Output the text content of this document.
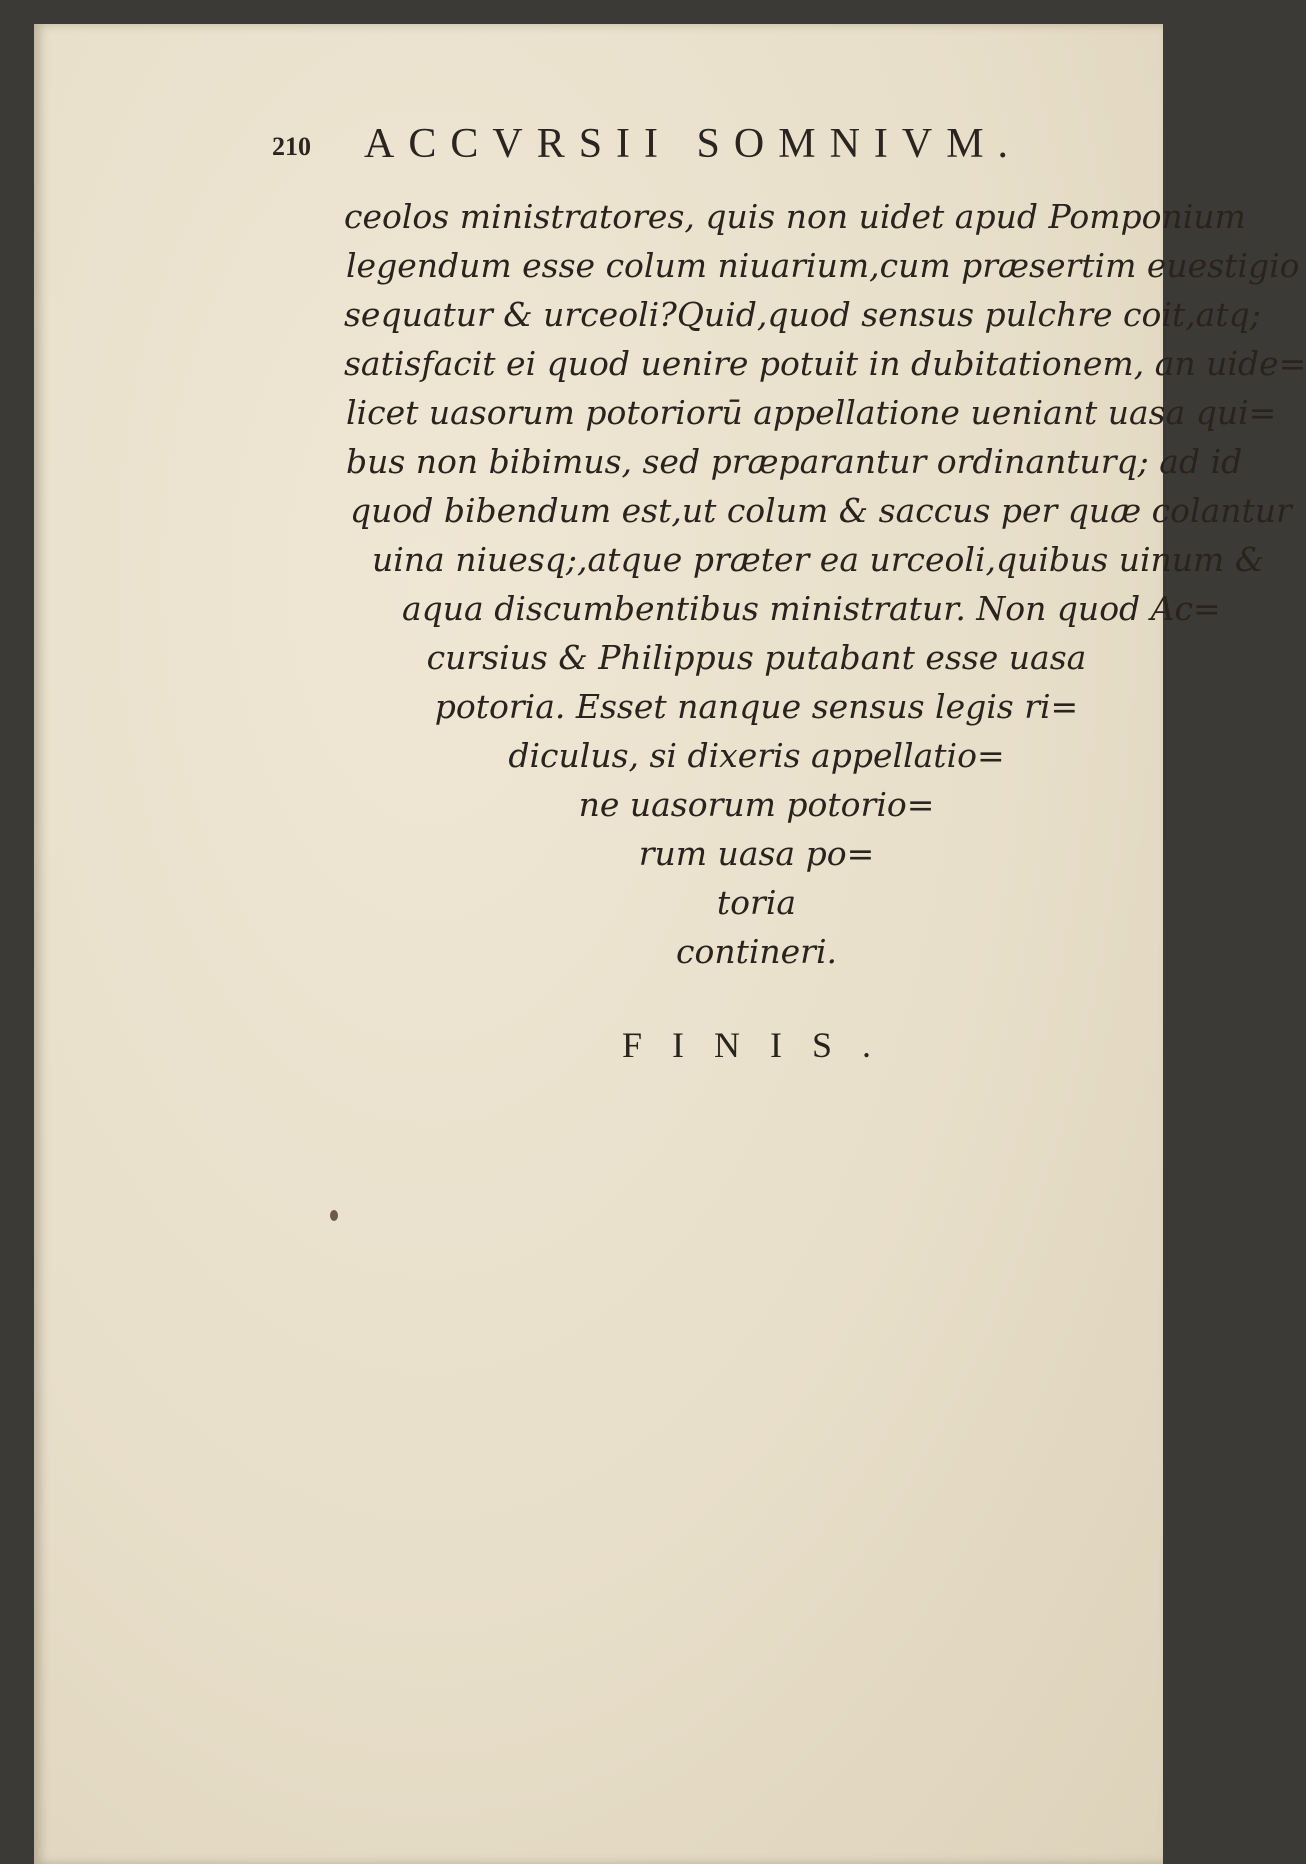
210 ACCVRSII SOMNIVM.
ceolos ministratores, quis non uidet apud Pomponium
legendum esse colum niuarium,cum præsertim euestigio
sequatur & urceoli?Quid,quod sensus pulchre coit,atq;
satisfacit ei quod uenire potuit in dubitationem, an uide=
licet uasorum potoriorū appellatione ueniant uasa qui=
bus non bibimus, sed præparantur ordinanturq; ad id
quod bibendum est,ut colum & saccus per quæ colantur
uina niuesq;,atque præter ea urceoli,quibus uinum &
aqua discumbentibus ministratur. Non quod Ac=
cursius & Philippus putabant esse uasa
potoria. Esset nanque sensus legis ri=
diculus, si dixeris appellatio=
ne uasorum potorio=
rum uasa po=
toria
contineri.
FINIS.
